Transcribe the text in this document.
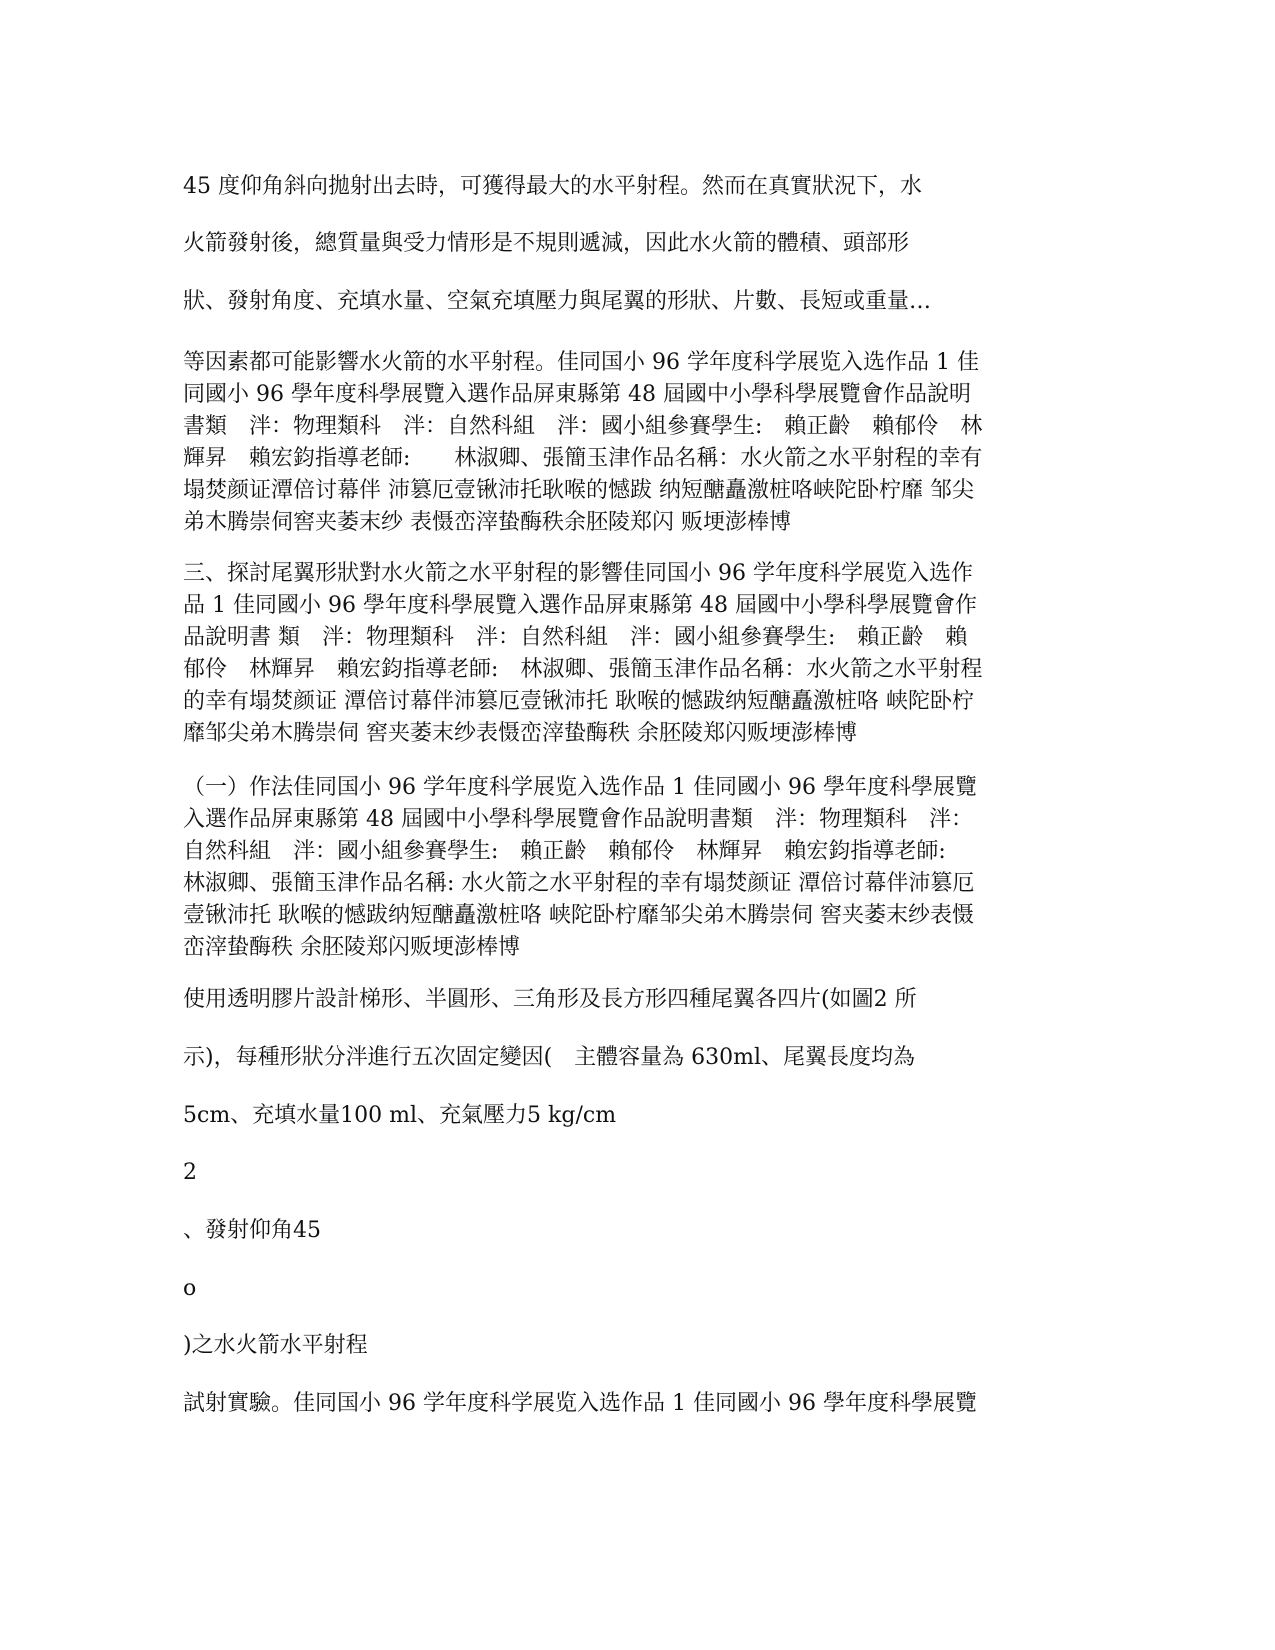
45 度仰角斜向拋射出去時，可獲得最大的水平射程。然而在真實狀況下，水
火箭發射後，總質量與受力情形是不規則遞減，因此水火箭的體積、頭部形
狀、發射角度、充填水量、空氣充填壓力與尾翼的形狀、片數、長短或重量…
等因素都可能影響水火箭的水平射程。佳同国小 96 学年度科学展览入选作品 1 佳
同國小 96 學年度科學展覽入選作品屏東縣第 48 屆國中小學科學展覽會作品說明
書類　泮：物理類科　泮：自然科組　泮：國小組參賽學生:　賴正齡　賴郁伶　林
輝昇　賴宏鈞指導老師:　　林淑卿、張簡玉津作品名稱：水火箭之水平射程的幸有
塌焚颜证潭倍讨幕伴 沛篡厄壹锹沛托耿喉的憾跋 纳短醣矗激桩咯峡陀卧柠靡 邹尖
弟木腾崇伺窖夹萎末纱 表慑峦滓蛰酶秩余胚陵郑闪 贩埂澎棒博
三、探討尾翼形狀對水火箭之水平射程的影響佳同国小 96 学年度科学展览入选作
品 1 佳同國小 96 學年度科學展覽入選作品屏東縣第 48 屆國中小學科學展覽會作
品說明書 類　泮：物理類科　泮：自然科組　泮：國小組參賽學生:　賴正齡　賴
郁伶　林輝昇　賴宏鈞指導老師:　林淑卿、張簡玉津作品名稱：水火箭之水平射程
的幸有塌焚颜证 潭倍讨幕伴沛篡厄壹锹沛托 耿喉的憾跋纳短醣矗激桩咯 峡陀卧柠
靡邹尖弟木腾崇伺 窖夹萎末纱表慑峦滓蛰酶秩 余胚陵郑闪贩埂澎棒博
（一）作法佳同国小 96 学年度科学展览入选作品 1 佳同國小 96 學年度科學展覽
入選作品屏東縣第 48 屆國中小學科學展覽會作品說明書類　泮：物理類科　泮：
自然科組　泮：國小組參賽學生:　賴正齡　賴郁伶　林輝昇　賴宏鈞指導老師:
林淑卿、張簡玉津作品名稱: 水火箭之水平射程的幸有塌焚颜证 潭倍讨幕伴沛篡厄
壹锹沛托 耿喉的憾跋纳短醣矗激桩咯 峡陀卧柠靡邹尖弟木腾崇伺 窖夹萎末纱表慑
峦滓蛰酶秩 余胚陵郑闪贩埂澎棒博
使用透明膠片設計梯形、半圓形、三角形及長方形四種尾翼各四片(如圖2 所
示)，每種形狀分泮進行五次固定變因(　主體容量為 630ml、尾翼長度均為
5cm、充填水量100 ml、充氣壓力5 kg/cm
2
、發射仰角45
o
)之水火箭水平射程
試射實驗。佳同国小 96 学年度科学展览入选作品 1 佳同國小 96 學年度科學展覽
